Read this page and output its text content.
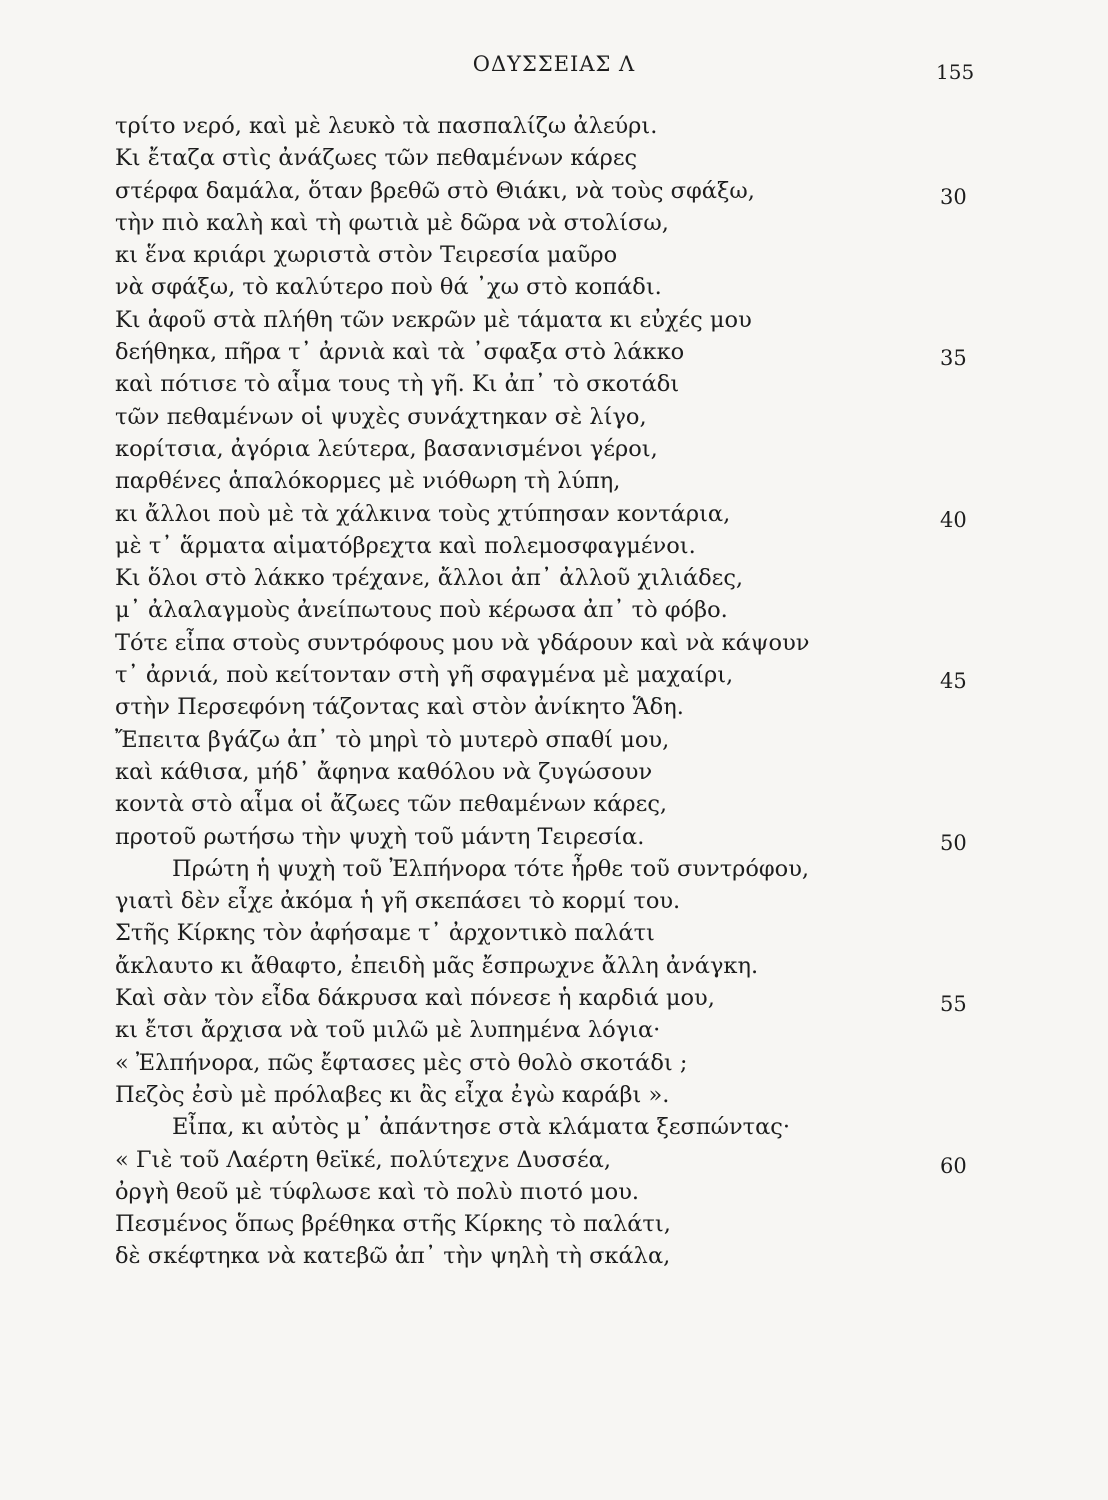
ΟΔΥΣΣΕΙΑΣ Λ	155
τρίτο νερό, καὶ μὲ λευκὸ τὰ πασπαλίζω ἀλεύρι.
Κι ἔταζα στὶς ἀνάζωες τῶν πεθαμένων κάρες
στέρφα δαμάλα, ὅταν βρεθῶ στὸ Θιάκι, νὰ τοὺς σφάξω,	30
τὴν πιὸ καλὴ καὶ τὴ φωτιὰ μὲ δῶρα νὰ στολίσω,
κι ἕνα κριάρι χωριστὰ στὸν Τειρεσία μαῦρο
νὰ σφάξω, τὸ καλύτερο ποὺ θά ᾽χω στὸ κοπάδι.
Κι ἀφοῦ στὰ πλήθη τῶν νεκρῶν μὲ τάματα κι εὐχές μου
δεήθηκα, πῆρα τ᾽ ἀρνιὰ καὶ τὰ ᾽σφαξα στὸ λάκκο	35
καὶ πότισε τὸ αἷμα τους τὴ γῆ. Κι ἀπ᾽ τὸ σκοτάδι
τῶν πεθαμένων οἱ ψυχὲς συνάχτηκαν σὲ λίγο,
κορίτσια, ἀγόρια λεύτερα, βασανισμένοι γέροι,
παρθένες ἁπαλόκορμες μὲ νιόθωρη τὴ λύπη,
κι ἄλλοι ποὺ μὲ τὰ χάλκινα τοὺς χτύπησαν κοντάρια,	40
μὲ τ᾽ ἅρματα αἱματόβρεχτα καὶ πολεμοσφαγμένοι.
Κι ὅλοι στὸ λάκκο τρέχανε, ἄλλοι ἀπ᾽ ἀλλοῦ χιλιάδες,
μ᾽ ἀλαλαγμοὺς ἀνείπωτους ποὺ κέρωσα ἀπ᾽ τὸ φόβο.
Τότε εἶπα στοὺς συντρόφους μου νὰ γδάρουν καὶ νὰ κάψουν
τ᾽ ἀρνιά, ποὺ κείτονταν στὴ γῆ σφαγμένα μὲ μαχαίρι,	45
στὴν Περσεφόνη τάζοντας καὶ στὸν ἀνίκητο Ἅδη.
Ἔπειτα βγάζω ἀπ᾽ τὸ μηρὶ τὸ μυτερὸ σπαθί μου,
καὶ κάθισα, μήδ᾽ ἄφηνα καθόλου νὰ ζυγώσουν
κοντὰ στὸ αἷμα οἱ ἄζωες τῶν πεθαμένων κάρες,
προτοῦ ρωτήσω τὴν ψυχὴ τοῦ μάντη Τειρεσία.	50
Πρώτη ἡ ψυχὴ τοῦ Ἐλπήνορα τότε ἦρθε τοῦ συντρόφου,
γιατὶ δὲν εἶχε ἀκόμα ἡ γῆ σκεπάσει τὸ κορμί του.
Στῆς Κίρκης τὸν ἀφήσαμε τ᾽ ἀρχοντικὸ παλάτι
ἄκλαυτο κι ἄθαφτο, ἐπειδὴ μᾶς ἔσπρωχνε ἄλλη ἀνάγκη.
Καὶ σὰν τὸν εἶδα δάκρυσα καὶ πόνεσε ἡ καρδιά μου,	55
κι ἔτσι ἄρχισα νὰ τοῦ μιλῶ μὲ λυπημένα λόγια·
« Ἐλπήνορα, πῶς ἔφτασες μὲς στὸ θολὸ σκοτάδι ;
Πεζὸς ἐσὺ μὲ πρόλαβες κι ἂς εἶχα ἐγὼ καράβι ».
Εἶπα, κι αὐτὸς μ᾽ ἀπάντησε στὰ κλάματα ξεσπώντας·
« Γιὲ τοῦ Λαέρτη θεϊκέ, πολύτεχνε Δυσσέα,	60
ὀργὴ θεοῦ μὲ τύφλωσε καὶ τὸ πολὺ πιοτό μου.
Πεσμένος ὅπως βρέθηκα στῆς Κίρκης τὸ παλάτι,
δὲ σκέφτηκα νὰ κατεβῶ ἀπ᾽ τὴν ψηλὴ τὴ σκάλα,
